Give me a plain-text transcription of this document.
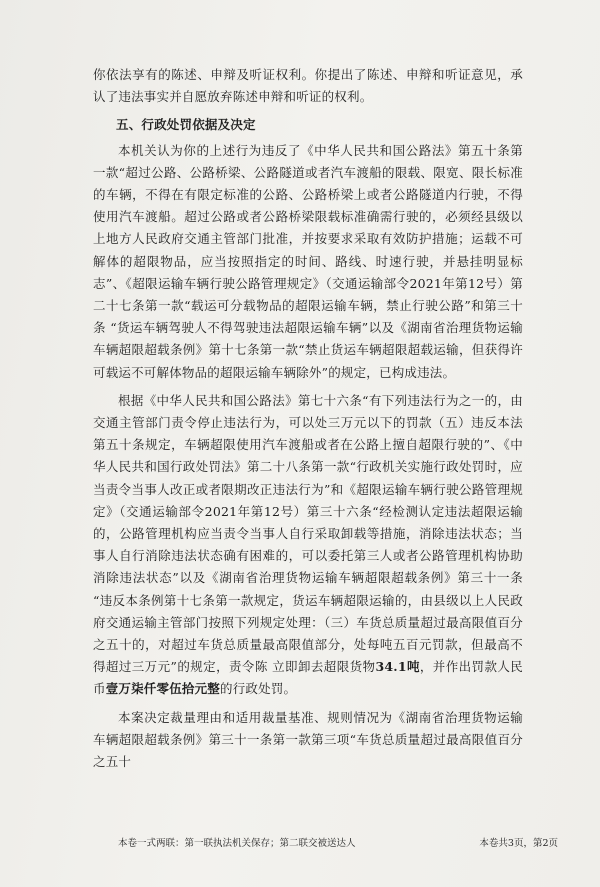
你依法享有的陈述、申辩及听证权利。你提出了陈述、申辩和听证意见，承认了违法事实并自愿放弃陈述申辩和听证的权利。

五、行政处罚依据及决定

本机关认为你的上述行为违反了《中华人民共和国公路法》第五十条第一款“超过公路、公路桥梁、公路隧道或者汽车渡船的限载、限宽、限长标准的车辆，不得在有限定标准的公路、公路桥梁上或者公路隧道内行驶，不得使用汽车渡船。超过公路或者公路桥梁限载标准确需行驶的，必须经县级以上地方人民政府交通主管部门批准，并按要求采取有效防护措施；运载不可解体的超限物品，应当按照指定的时间、路线、时速行驶，并悬挂明显标志”、《超限运输车辆行驶公路管理规定》（交通运输部令2021年第12号）第二十七条第一款“载运可分载物品的超限运输车辆，禁止行驶公路”和第三十条 “货运车辆驾驶人不得驾驶违法超限运输车辆”以及《湖南省治理货物运输车辆超限超载条例》第十七条第一款“禁止货运车辆超限超载运输，但获得许可载运不可解体物品的超限运输车辆除外”的规定，已构成违法。

根据《中华人民共和国公路法》第七十六条“有下列违法行为之一的，由交通主管部门责令停止违法行为，可以处三万元以下的罚款（五）违反本法第五十条规定，车辆超限使用汽车渡船或者在公路上擅自超限行驶的”、《中华人民共和国行政处罚法》第二十八条第一款“行政机关实施行政处罚时，应当责令当事人改正或者限期改正违法行为”和《超限运输车辆行驶公路管理规定》（交通运输部令2021年第12号）第三十六条“经检测认定违法超限运输的，公路管理机构应当责令当事人自行采取卸载等措施，消除违法状态；当事人自行消除违法状态确有困难的，可以委托第三人或者公路管理机构协助消除违法状态”以及《湖南省治理货物运输车辆超限超载条例》第三十一条 “违反本条例第十七条第一款规定，货运车辆超限运输的，由县级以上人民政府交通运输主管部门按照下列规定处理：（三）车货总质量超过最高限值百分之五十的，对超过车货总质量最高限值部分，处每吨五百元罚款，但最高不得超过三万元”的规定，责令陈 立即卸去超限货物34.1吨，并作出罚款人民币壹万柒仟零伍拾元整的行政处罚。

本案决定裁量理由和适用裁量基准、规则情况为《湖南省治理货物运输车辆超限超载条例》第三十一条第一款第三项“车货总质量超过最高限值百分之五十

本卷一式两联：第一联执法机关保存；第二联交被送达人	本卷共3页，第2页
